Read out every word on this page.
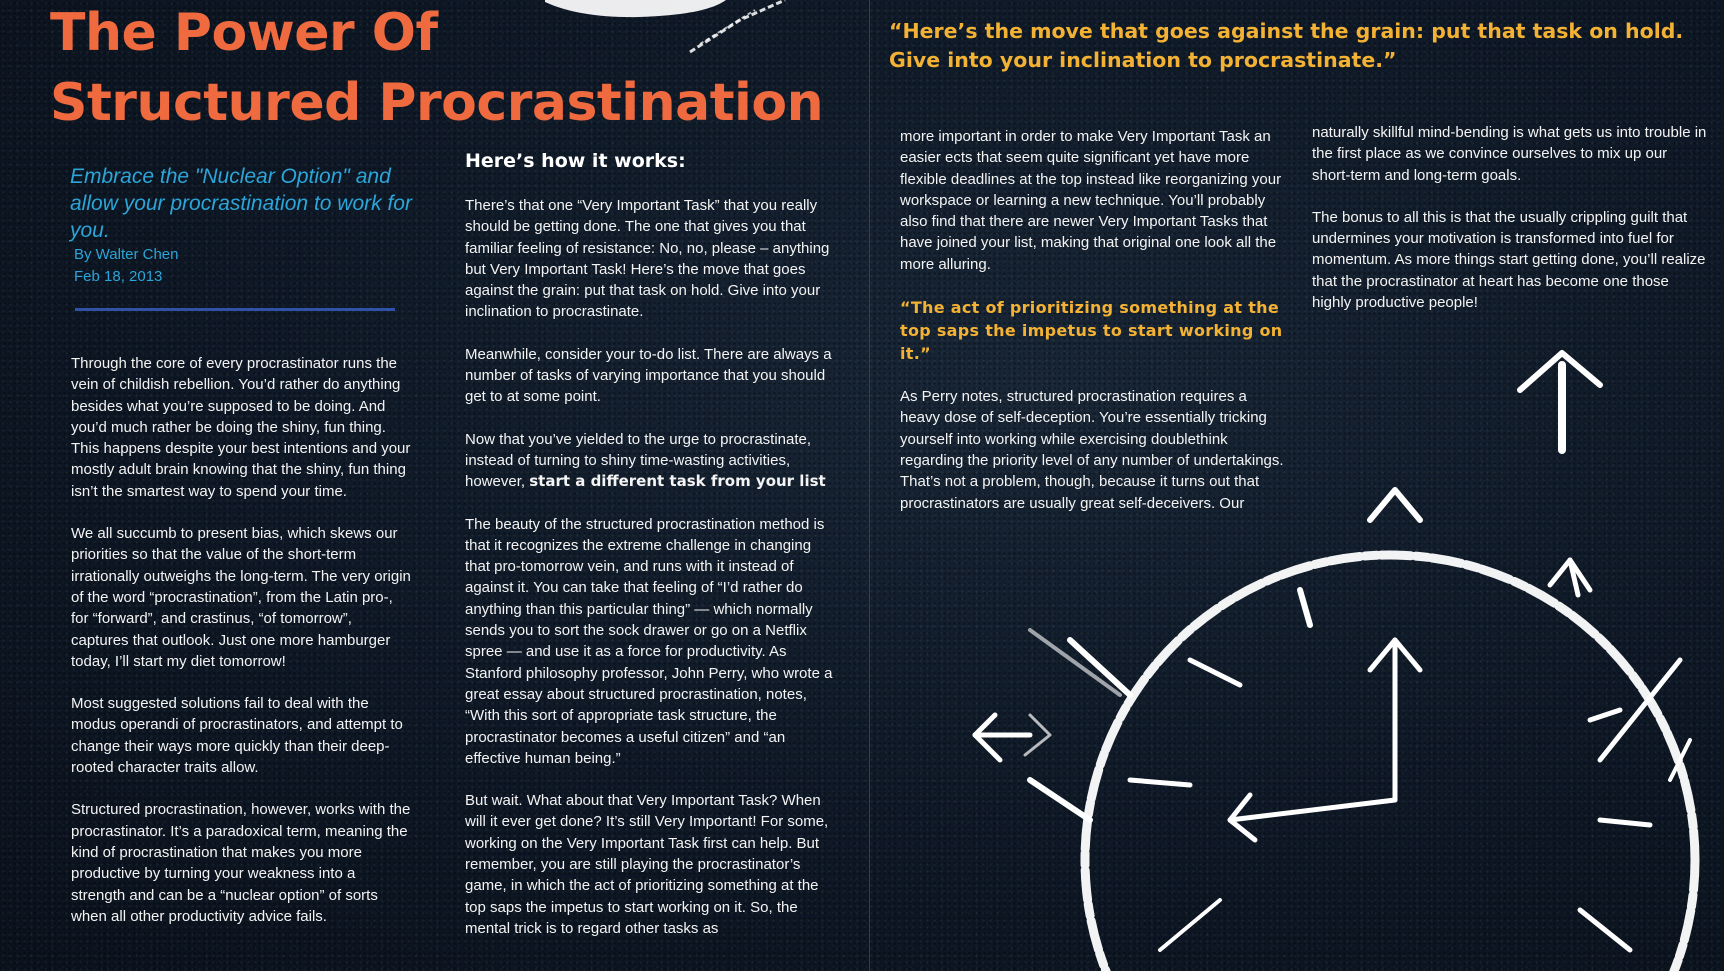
The Power Of
Structured Procrastination

Embrace the "Nuclear Option" and allow your procrastination to work for you.

By Walter Chen
Feb 18, 2013

Through the core of every procrastinator runs the vein of childish rebellion. You’d rather do anything besides what you’re supposed to be doing. And you’d much rather be doing the shiny, fun thing. This happens despite your best intentions and your mostly adult brain knowing that the shiny, fun thing isn’t the smartest way to spend your time.

We all succumb to present bias, which skews our priorities so that the value of the short-term irrationally outweighs the long-term. The very origin of the word “procrastination”, from the Latin pro-, for “forward”, and crastinus, “of tomorrow”, captures that outlook. Just one more hamburger today, I’ll start my diet tomorrow!

Most suggested solutions fail to deal with the modus operandi of procrastinators, and attempt to change their ways more quickly than their deep-rooted character traits allow.

Structured procrastination, however, works with the procrastinator. It’s a paradoxical term, meaning the kind of procrastination that makes you more productive by turning your weakness into a strength and can be a “nuclear option” of sorts when all other productivity advice fails.

Here’s how it works:

There’s that one “Very Important Task” that you really should be getting done. The one that gives you that familiar feeling of resistance: No, no, please – anything but Very Important Task! Here’s the move that goes against the grain: put that task on hold. Give into your inclination to procrastinate.

Meanwhile, consider your to-do list. There are always a number of tasks of varying importance that you should get to at some point.

Now that you’ve yielded to the urge to procrastinate, instead of turning to shiny time-wasting activities, however, start a different task from your list

The beauty of the structured procrastination method is that it recognizes the extreme challenge in changing that pro-tomorrow vein, and runs with it instead of against it. You can take that feeling of “I’d rather do anything than this particular thing” — which normally sends you to sort the sock drawer or go on a Netflix spree — and use it as a force for productivity. As Stanford philosophy professor, John Perry, who wrote a great essay about structured procrastination, notes, “With this sort of appropriate task structure, the procrastinator becomes a useful citizen” and “an effective human being.”

But wait. What about that Very Important Task? When will it ever get done? It’s still Very Important! For some, working on the Very Important Task first can help. But remember, you are still playing the procrastinator’s game, in which the act of prioritizing something at the top saps the impetus to start working on it. So, the mental trick is to regard other tasks as

“Here’s the move that goes against the grain: put that task on hold. Give into your inclination to procrastinate.”

more important in order to make Very Important Task an easier ects that seem quite significant yet have more flexible deadlines at the top instead like reorganizing your workspace or learning a new technique. You’ll probably also find that there are newer Very Important Tasks that have joined your list, making that original one look all the more alluring.

“The act of prioritizing something at the top saps the impetus to start working on it.”

As Perry notes, structured procrastination requires a heavy dose of self-deception. You’re essentially tricking yourself into working while exercising doublethink regarding the priority level of any number of undertakings. That’s not a problem, though, because it turns out that procrastinators are usually great self-deceivers. Our

naturally skillful mind-bending is what gets us into trouble in the first place as we convince ourselves to mix up our short-term and long-term goals.

The bonus to all this is that the usually crippling guilt that undermines your motivation is transformed into fuel for momentum. As more things start getting done, you’ll realize that the procrastinator at heart has become one those highly productive people!
